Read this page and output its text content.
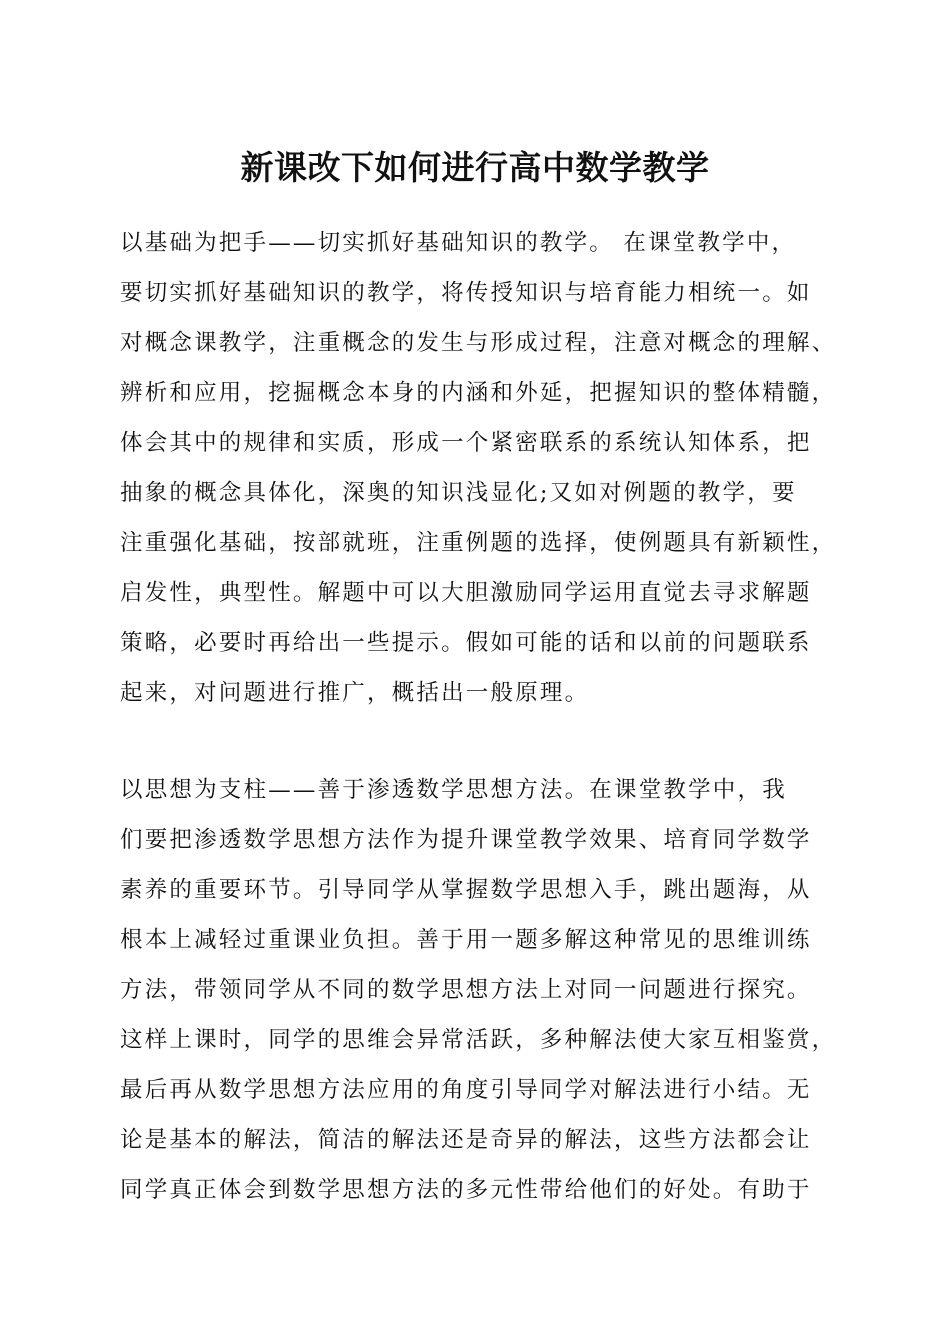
新课改下如何进行高中数学教学
以基础为把手——切实抓好基础知识的教学。 在课堂教学中，
要切实抓好基础知识的教学，将传授知识与培育能力相统一。如
对概念课教学，注重概念的发生与形成过程，注意对概念的理解、
辨析和应用，挖掘概念本身的内涵和外延，把握知识的整体精髓，
体会其中的规律和实质，形成一个紧密联系的系统认知体系，把
抽象的概念具体化，深奥的知识浅显化;又如对例题的教学，要
注重强化基础，按部就班，注重例题的选择，使例题具有新颖性，
启发性，典型性。解题中可以大胆激励同学运用直觉去寻求解题
策略，必要时再给出一些提示。假如可能的话和以前的问题联系
起来，对问题进行推广，概括出一般原理。
以思想为支柱——善于渗透数学思想方法。在课堂教学中，我
们要把渗透数学思想方法作为提升课堂教学效果、培育同学数学
素养的重要环节。引导同学从掌握数学思想入手，跳出题海，从
根本上减轻过重课业负担。善于用一题多解这种常见的思维训练
方法，带领同学从不同的数学思想方法上对同一问题进行探究。
这样上课时，同学的思维会异常活跃，多种解法使大家互相鉴赏，
最后再从数学思想方法应用的角度引导同学对解法进行小结。无
论是基本的解法，简洁的解法还是奇异的解法，这些方法都会让
同学真正体会到数学思想方法的多元性带给他们的好处。有助于
